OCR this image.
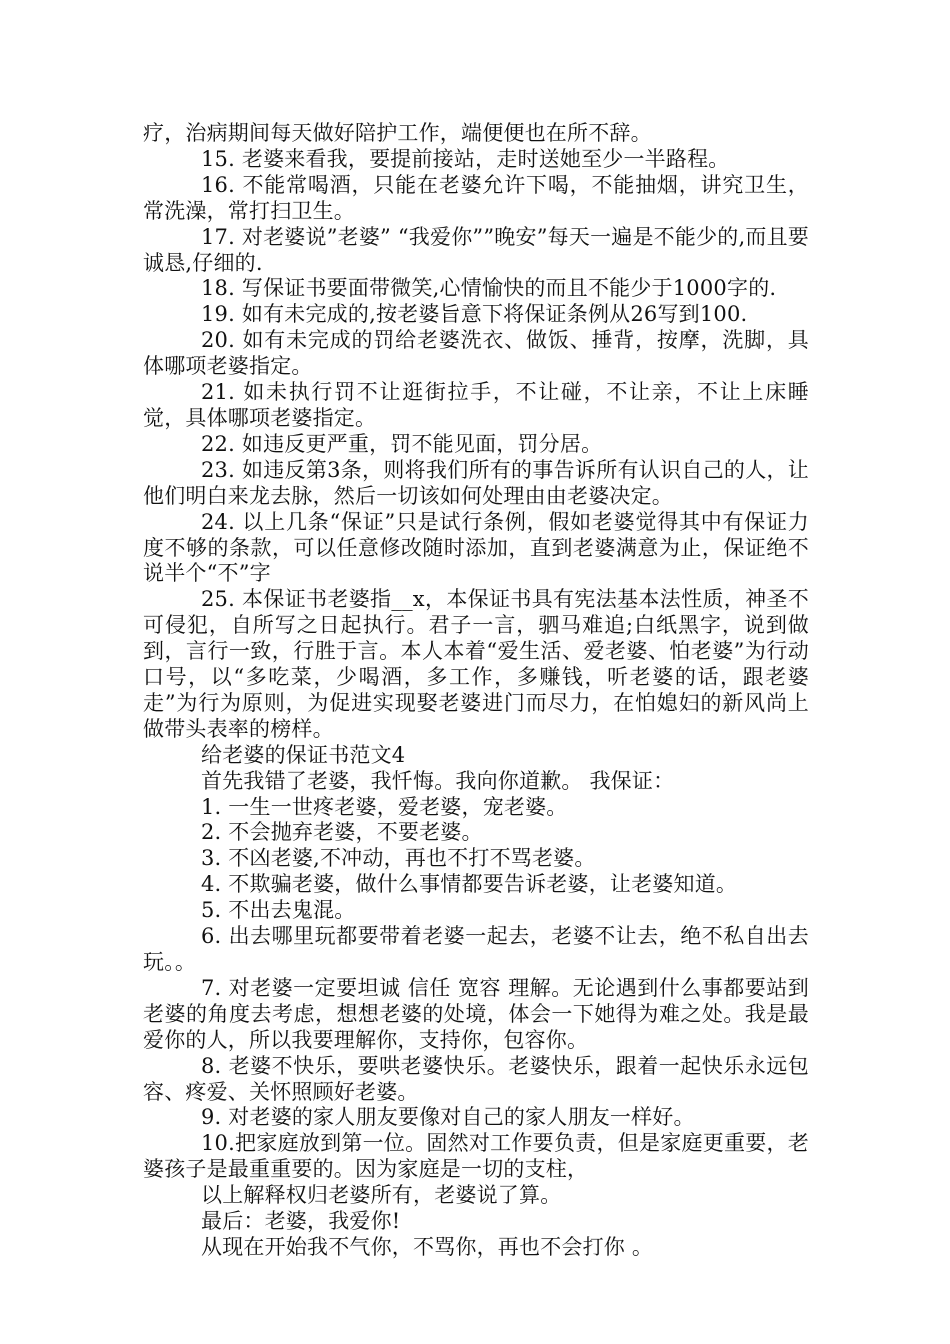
疗，治病期间每天做好陪护工作，端便便也在所不辞。

15. 老婆来看我，要提前接站，走时送她至少一半路程。

16. 不能常喝酒，只能在老婆允许下喝，不能抽烟，讲究卫生，常洗澡，常打扫卫生。

17. 对老婆说”老婆” “我爱你””晚安”每天一遍是不能少的,而且要诚恳,仔细的.

18. 写保证书要面带微笑,心情愉快的而且不能少于1000字的.

19. 如有未完成的,按老婆旨意下将保证条例从26写到100.

20. 如有未完成的罚给老婆洗衣、做饭、捶背，按摩，洗脚，具体哪项老婆指定。

21. 如未执行罚不让逛街拉手，不让碰，不让亲，不让上床睡觉，具体哪项老婆指定。

22. 如违反更严重，罚不能见面，罚分居。

23. 如违反第3条，则将我们所有的事告诉所有认识自己的人，让他们明白来龙去脉，然后一切该如何处理由由老婆决定。

24. 以上几条“保证”只是试行条例，假如老婆觉得其中有保证力度不够的条款，可以任意修改随时添加，直到老婆满意为止，保证绝不说半个“不”字

25. 本保证书老婆指__x，本保证书具有宪法基本法性质，神圣不可侵犯，自所写之日起执行。君子一言，驷马难追;白纸黑字，说到做到，言行一致，行胜于言。本人本着“爱生活、爱老婆、怕老婆”为行动口号，以“多吃菜，少喝酒，多工作，多赚钱，听老婆的话，跟老婆走”为行为原则，为促进实现娶老婆进门而尽力，在怕媳妇的新风尚上做带头表率的榜样。

给老婆的保证书范文4

首先我错了老婆，我忏悔。我向你道歉。 我保证：

1. 一生一世疼老婆，爱老婆，宠老婆。

2. 不会抛弃老婆，不要老婆。

3. 不凶老婆,不冲动，再也不打不骂老婆。

4. 不欺骗老婆，做什么事情都要告诉老婆，让老婆知道。

5. 不出去鬼混。

6. 出去哪里玩都要带着老婆一起去，老婆不让去，绝不私自出去玩。。

7. 对老婆一定要坦诚 信任 宽容 理解。无论遇到什么事都要站到老婆的角度去考虑，想想老婆的处境，体会一下她得为难之处。我是最爱你的人，所以我要理解你，支持你，包容你。

8. 老婆不快乐，要哄老婆快乐。老婆快乐，跟着一起快乐永远包容、疼爱、关怀照顾好老婆。

9. 对老婆的家人朋友要像对自己的家人朋友一样好。

10.把家庭放到第一位。固然对工作要负责，但是家庭更重要，老婆孩子是最重重要的。因为家庭是一切的支柱，

以上解释权归老婆所有，老婆说了算。

最后：老婆，我爱你!

从现在开始我不气你，不骂你，再也不会打你 。
